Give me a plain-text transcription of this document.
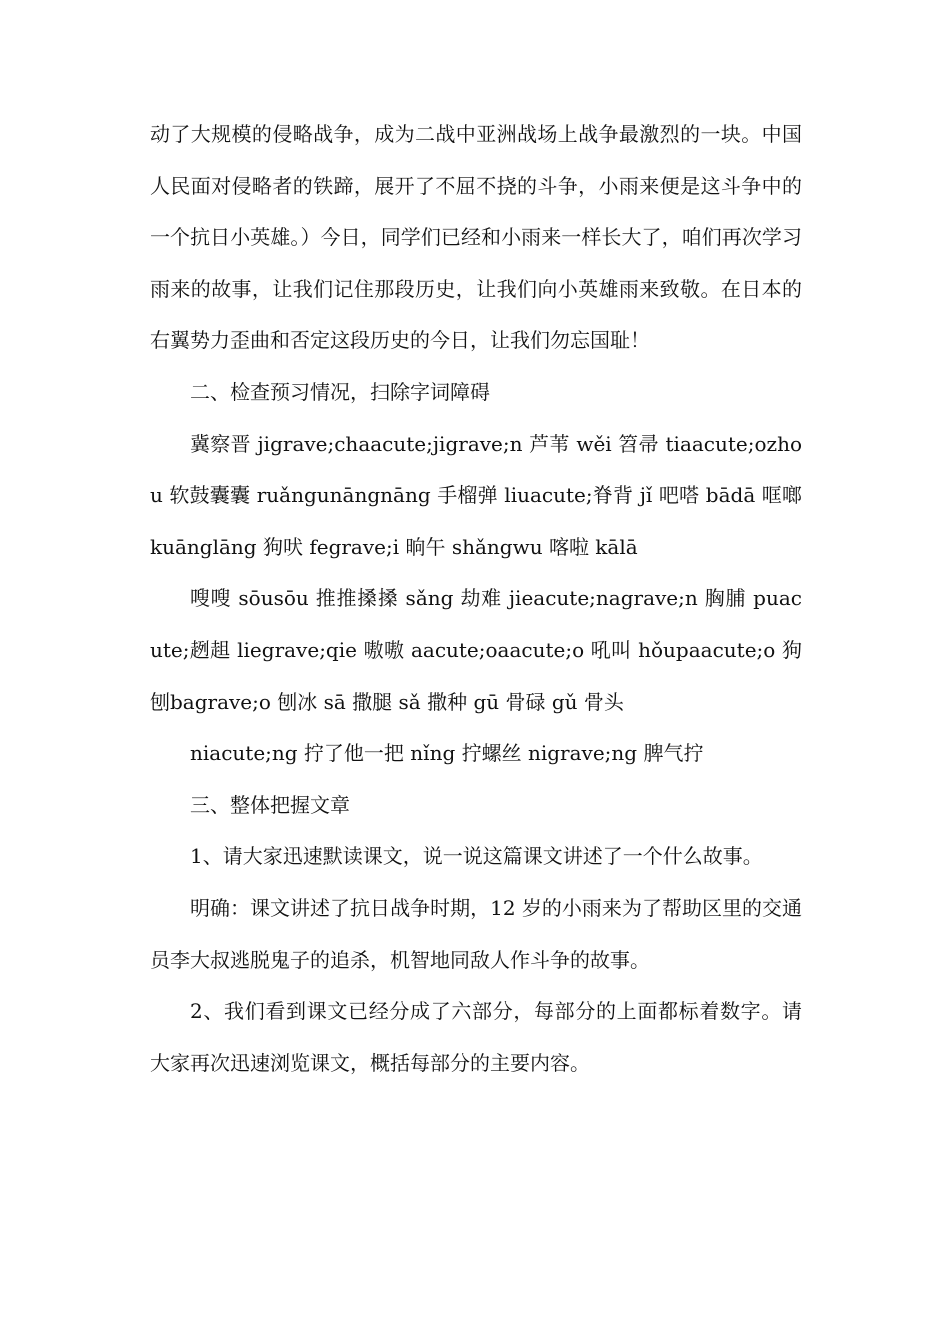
动了大规模的侵略战争，成为二战中亚洲战场上战争最激烈的一块。中国人民面对侵略者的铁蹄，展开了不屈不挠的斗争，小雨来便是这斗争中的一个抗日小英雄。）今日，同学们已经和小雨来一样长大了，咱们再次学习雨来的故事，让我们记住那段历史，让我们向小英雄雨来致敬。在日本的右翼势力歪曲和否定这段历史的今日，让我们勿忘国耻！

二、检查预习情况，扫除字词障碍

冀察晋 jigrave;chaacute;jigrave;n 芦苇 wěi 笤帚 tiaacute;ozhou 软鼓囊囊 ruǎngunāngnāng 手榴弹 liuacute;脊背 jǐ 吧嗒 bādā 哐啷kuānglāng 狗吠 fegrave;i 晌午 shǎngwu 喀啦 kālā

嗖嗖 sōusōu 推推搡搡 sǎng 劫难 jieacute;nagrave;n 胸脯 puacute;趔趄 liegrave;qie 嗷嗷 aacute;oaacute;o 吼叫 hǒupaacute;o 狗刨bagrave;o 刨冰 sā 撒腿 sǎ 撒种 gū 骨碌 gǔ 骨头

niacute;ng 拧了他一把 nǐng 拧螺丝 nigrave;ng 脾气拧

三、整体把握文章

1、请大家迅速默读课文，说一说这篇课文讲述了一个什么故事。

明确：课文讲述了抗日战争时期，12 岁的小雨来为了帮助区里的交通员李大叔逃脱鬼子的追杀，机智地同敌人作斗争的故事。

2、我们看到课文已经分成了六部分，每部分的上面都标着数字。请大家再次迅速浏览课文，概括每部分的主要内容。
